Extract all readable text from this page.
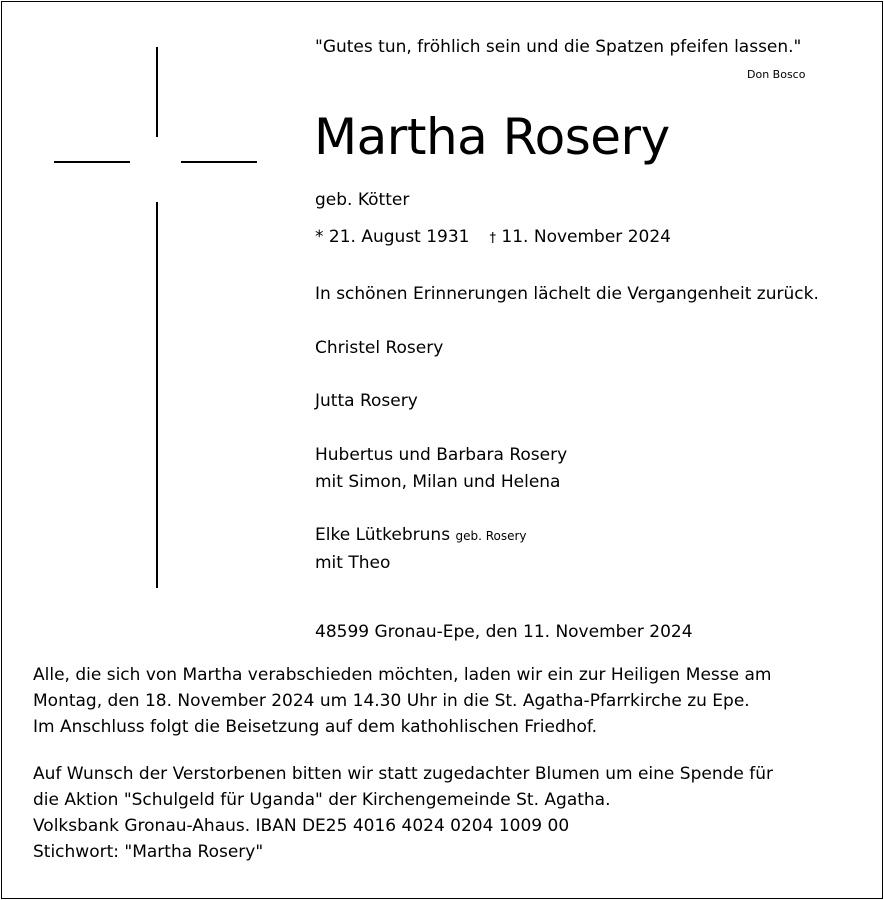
"Gutes tun, fröhlich sein und die Spatzen pfeifen lassen."
Don Bosco
Martha Rosery
geb. Kötter
* 21. August 1931 † 11. November 2024
In schönen Erinnerungen lächelt die Vergangenheit zurück.
Christel Rosery
Jutta Rosery
Hubertus und Barbara Rosery
mit Simon, Milan und Helena
Elke Lütkebruns geb. Rosery
mit Theo
48599 Gronau-Epe, den 11. November 2024
Alle, die sich von Martha verabschieden möchten, laden wir ein zur Heiligen Messe am
Montag, den 18. November 2024 um 14.30 Uhr in die St. Agatha-Pfarrkirche zu Epe.
Im Anschluss folgt die Beisetzung auf dem kathohlischen Friedhof.
Auf Wunsch der Verstorbenen bitten wir statt zugedachter Blumen um eine Spende für
die Aktion "Schulgeld für Uganda" der Kirchengemeinde St. Agatha.
Volksbank Gronau-Ahaus. IBAN DE25 4016 4024 0204 1009 00
Stichwort: "Martha Rosery"
